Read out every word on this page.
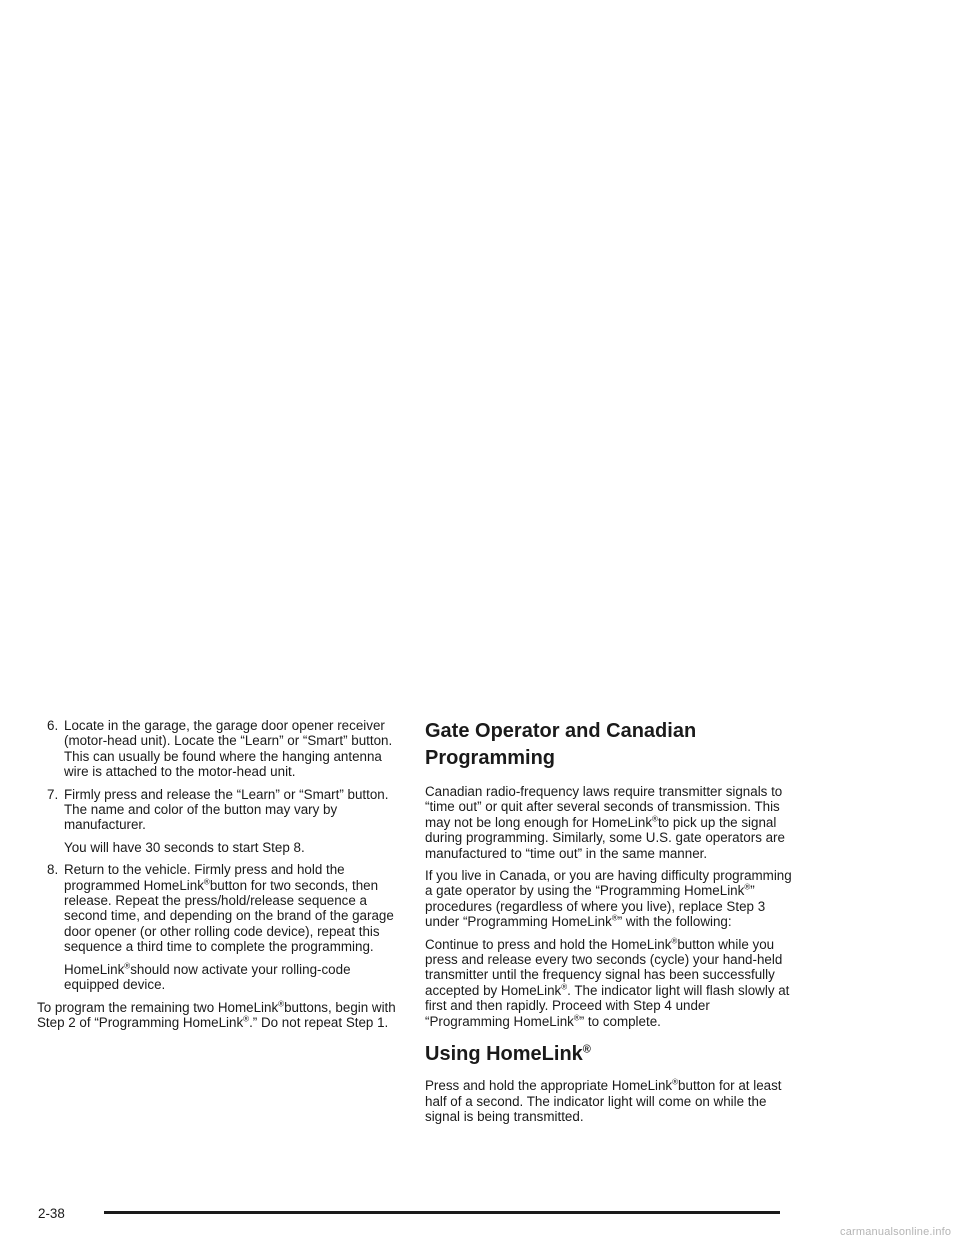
6. Locate in the garage, the garage door opener receiver (motor-head unit). Locate the “Learn” or “Smart” button. This can usually be found where the hanging antenna wire is attached to the motor-head unit.
7. Firmly press and release the “Learn” or “Smart” button. The name and color of the button may vary by manufacturer.
You will have 30 seconds to start Step 8.
8. Return to the vehicle. Firmly press and hold the programmed HomeLink®button for two seconds, then release. Repeat the press/hold/release sequence a second time, and depending on the brand of the garage door opener (or other rolling code device), repeat this sequence a third time to complete the programming.
HomeLink®should now activate your rolling-code equipped device.

To program the remaining two HomeLink®buttons, begin with Step 2 of “Programming HomeLink®.” Do not repeat Step 1.

Gate Operator and Canadian Programming

Canadian radio-frequency laws require transmitter signals to “time out” or quit after several seconds of transmission. This may not be long enough for HomeLink®to pick up the signal during programming. Similarly, some U.S. gate operators are manufactured to “time out” in the same manner.

If you live in Canada, or you are having difficulty programming a gate operator by using the “Programming HomeLink®” procedures (regardless of where you live), replace Step 3 under “Programming HomeLink®” with the following:

Continue to press and hold the HomeLink®button while you press and release every two seconds (cycle) your hand-held transmitter until the frequency signal has been successfully accepted by HomeLink®. The indicator light will flash slowly at first and then rapidly. Proceed with Step 4 under “Programming HomeLink®” to complete.

Using HomeLink®

Press and hold the appropriate HomeLink®button for at least half of a second. The indicator light will come on while the signal is being transmitted.

2-38
carmanualsonline.info
